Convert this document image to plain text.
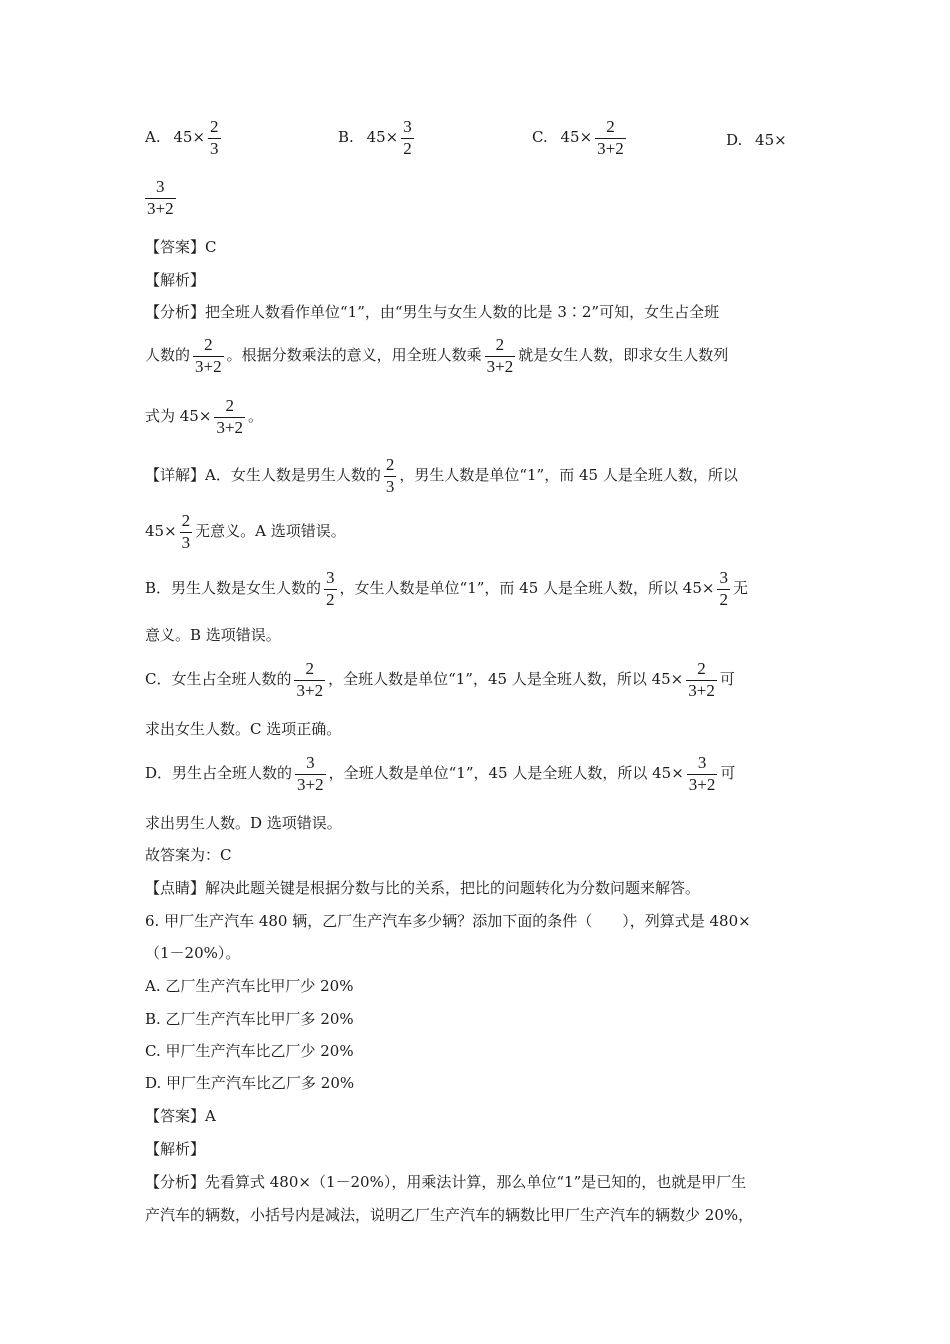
A. $45\times \frac{2}{3}$	B. $45\times \frac{3}{2}$	C. $45\times \frac{2}{3+2}$	D. 45×
$\frac{3}{3+2}$
【答案】C
【解析】
【分析】把全班人数看作单位“1”，由“男生与女生人数的比是 3∶2”可知，女生占全班
人数的 $\frac{2}{3+2}$ 。根据分数乘法的意义，用全班人数乘 $\frac{2}{3+2}$ 就是女生人数，即求女生人数列
式为 $45\times \frac{2}{3+2}$ 。
【详解】A．女生人数是男生人数的 $\frac{2}{3}$ ，男生人数是单位“1”，而 45 人是全班人数，所以
$45\times \frac{2}{3}$ 无意义。A 选项错误。
B．男生人数是女生人数的 $\frac{3}{2}$ ，女生人数是单位“1”，而 45 人是全班人数，所以 $45\times \frac{3}{2}$ 无
意义。B 选项错误。
C．女生占全班人数的 $\frac{2}{3+2}$ ，全班人数是单位“1”，45 人是全班人数，所以 $45\times \frac{2}{3+2}$ 可
求出女生人数。C 选项正确。
D．男生占全班人数的 $\frac{3}{3+2}$ ，全班人数是单位“1”，45 人是全班人数，所以 $45\times \frac{3}{3+2}$ 可
求出男生人数。D 选项错误。
故答案为：C
【点睛】解决此题关键是根据分数与比的关系，把比的问题转化为分数问题来解答。
6. 甲厂生产汽车 480 辆，乙厂生产汽车多少辆？添加下面的条件（　　），列算式是 480×
（1－20%）。
A. 乙厂生产汽车比甲厂少 20%
B. 乙厂生产汽车比甲厂多 20%
C. 甲厂生产汽车比乙厂少 20%
D. 甲厂生产汽车比乙厂多 20%
【答案】A
【解析】
【分析】先看算式 480×（1－20%），用乘法计算，那么单位“1”是已知的，也就是甲厂生
产汽车的辆数，小括号内是减法，说明乙厂生产汽车的辆数比甲厂生产汽车的辆数少 20%，
